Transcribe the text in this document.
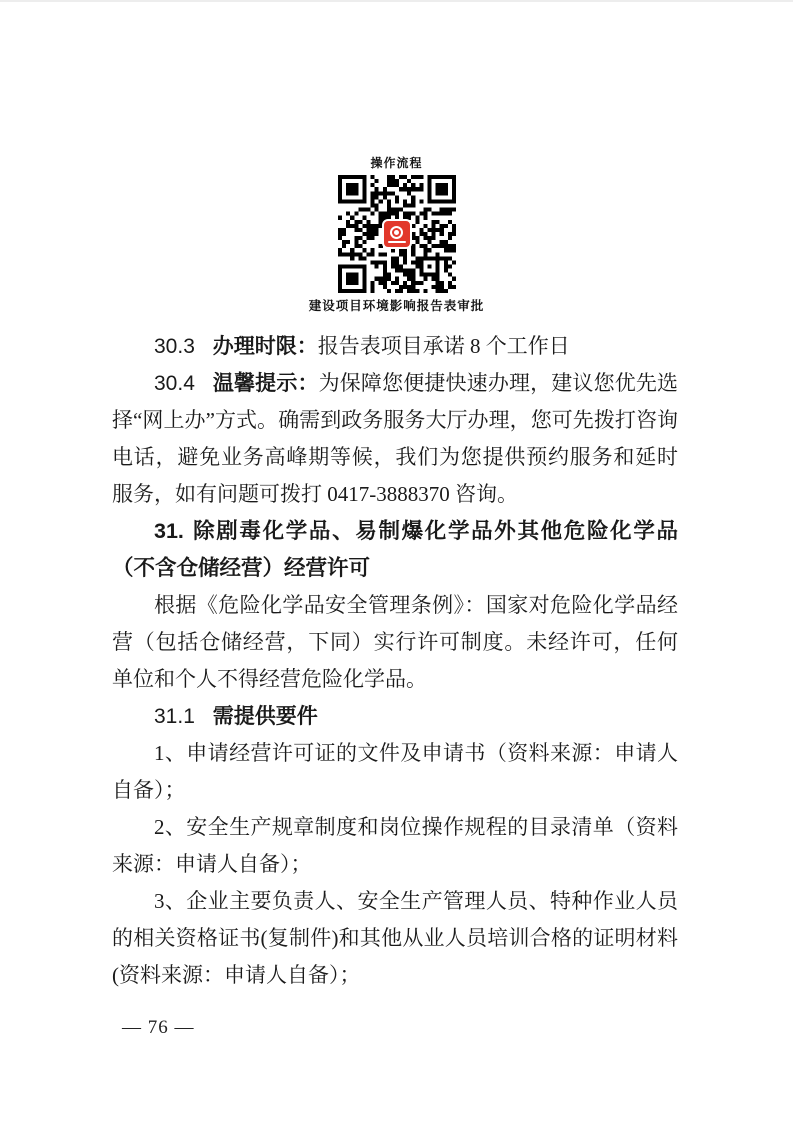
操作流程
建设项目环境影响报告表审批

30.3 办理时限：报告表项目承诺 8 个工作日

30.4 温馨提示：为保障您便捷快速办理，建议您优先选择“网上办”方式。确需到政务服务大厅办理，您可先拨打咨询电话，避免业务高峰期等候，我们为您提供预约服务和延时服务，如有问题可拨打 0417-3888370 咨询。

31. 除剧毒化学品、易制爆化学品外其他危险化学品（不含仓储经营）经营许可

根据《危险化学品安全管理条例》：国家对危险化学品经营（包括仓储经营，下同）实行许可制度。未经许可，任何单位和个人不得经营危险化学品。

31.1 需提供要件

1、申请经营许可证的文件及申请书（资料来源：申请人自备）；

2、安全生产规章制度和岗位操作规程的目录清单（资料来源：申请人自备）；

3、企业主要负责人、安全生产管理人员、特种作业人员的相关资格证书(复制件)和其他从业人员培训合格的证明材料(资料来源：申请人自备）；

— 76 —
